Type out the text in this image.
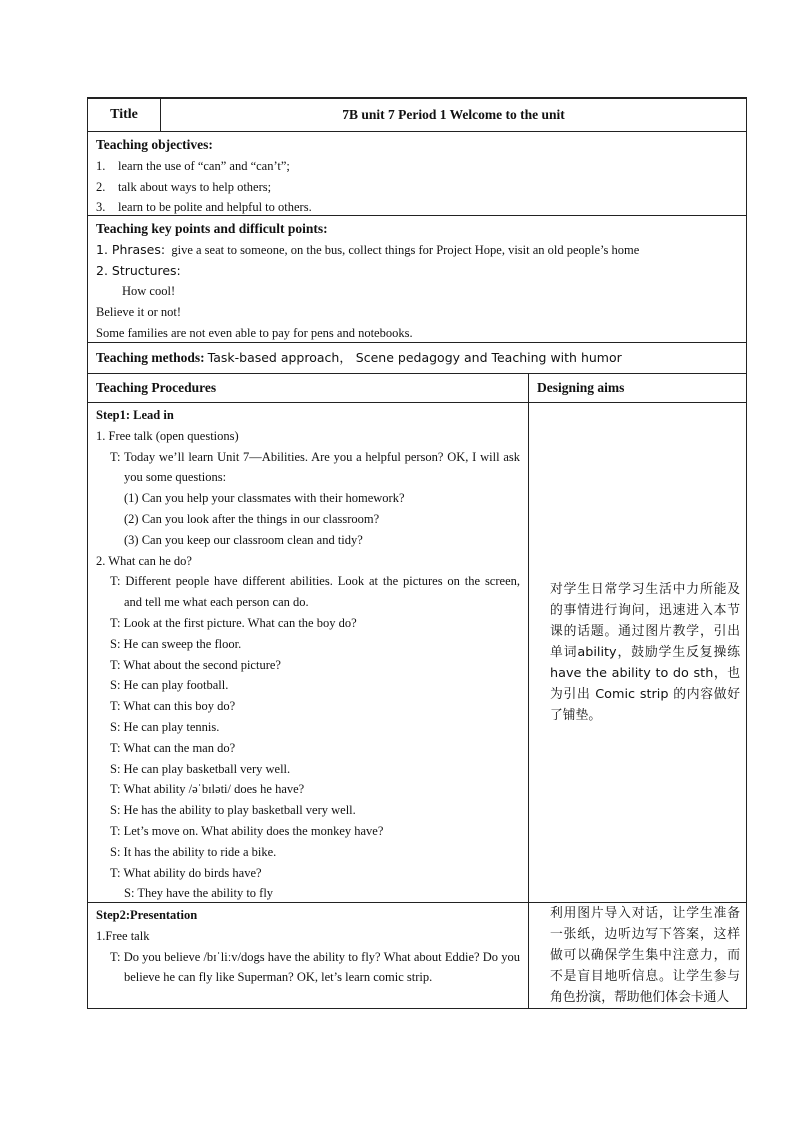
Title	7B unit 7 Period 1 Welcome to the unit
Teaching objectives:
1. learn the use of “can” and “can’t”;
2. talk about ways to help others;
3. learn to be polite and helpful to others.
Teaching key points and difficult points:
1. Phrases: give a seat to someone, on the bus, collect things for Project Hope, visit an old people’s home
2. Structures:
How cool!
Believe it or not!
Some families are not even able to pay for pens and notebooks.
Teaching methods: Task-based approach， Scene pedagogy and Teaching with humor
Teaching Procedures	Designing aims
Step1: Lead in
1. Free talk (open questions)
T: Today we’ll learn Unit 7—Abilities. Are you a helpful person? OK, I will ask you some questions:
(1) Can you help your classmates with their homework?
(2) Can you look after the things in our classroom?
(3) Can you keep our classroom clean and tidy?
2. What can he do?
T: Different people have different abilities. Look at the pictures on the screen, and tell me what each person can do.
T: Look at the first picture. What can the boy do?
S: He can sweep the floor.
T: What about the second picture?
S: He can play football.
T: What can this boy do?
S: He can play tennis.
T: What can the man do?
S: He can play basketball very well.
T: What ability /əˈbɪləti/ does he have?
S: He has the ability to play basketball very well.
T: Let’s move on. What ability does the monkey have?
S: It has the ability to ride a bike.
T: What ability do birds have?
S: They have the ability to fly
对学生日常学习生活中力所能及的事情进行询问，迅速进入本节课的话题。通过图片教学，引出单词ability，鼓励学生反复操练 have the ability to do sth，也为引出 Comic strip 的内容做好了铺垫。
Step2:Presentation
1.Free talk
T: Do you believe /bɪˈliːv/dogs have the ability to fly? What about Eddie? Do you believe he can fly like Superman? OK, let’s learn comic strip.
利用图片导入对话，让学生准备一张纸，边听边写下答案，这样做可以确保学生集中注意力，而不是盲目地听信息。让学生参与角色扮演，帮助他们体会卡通人
